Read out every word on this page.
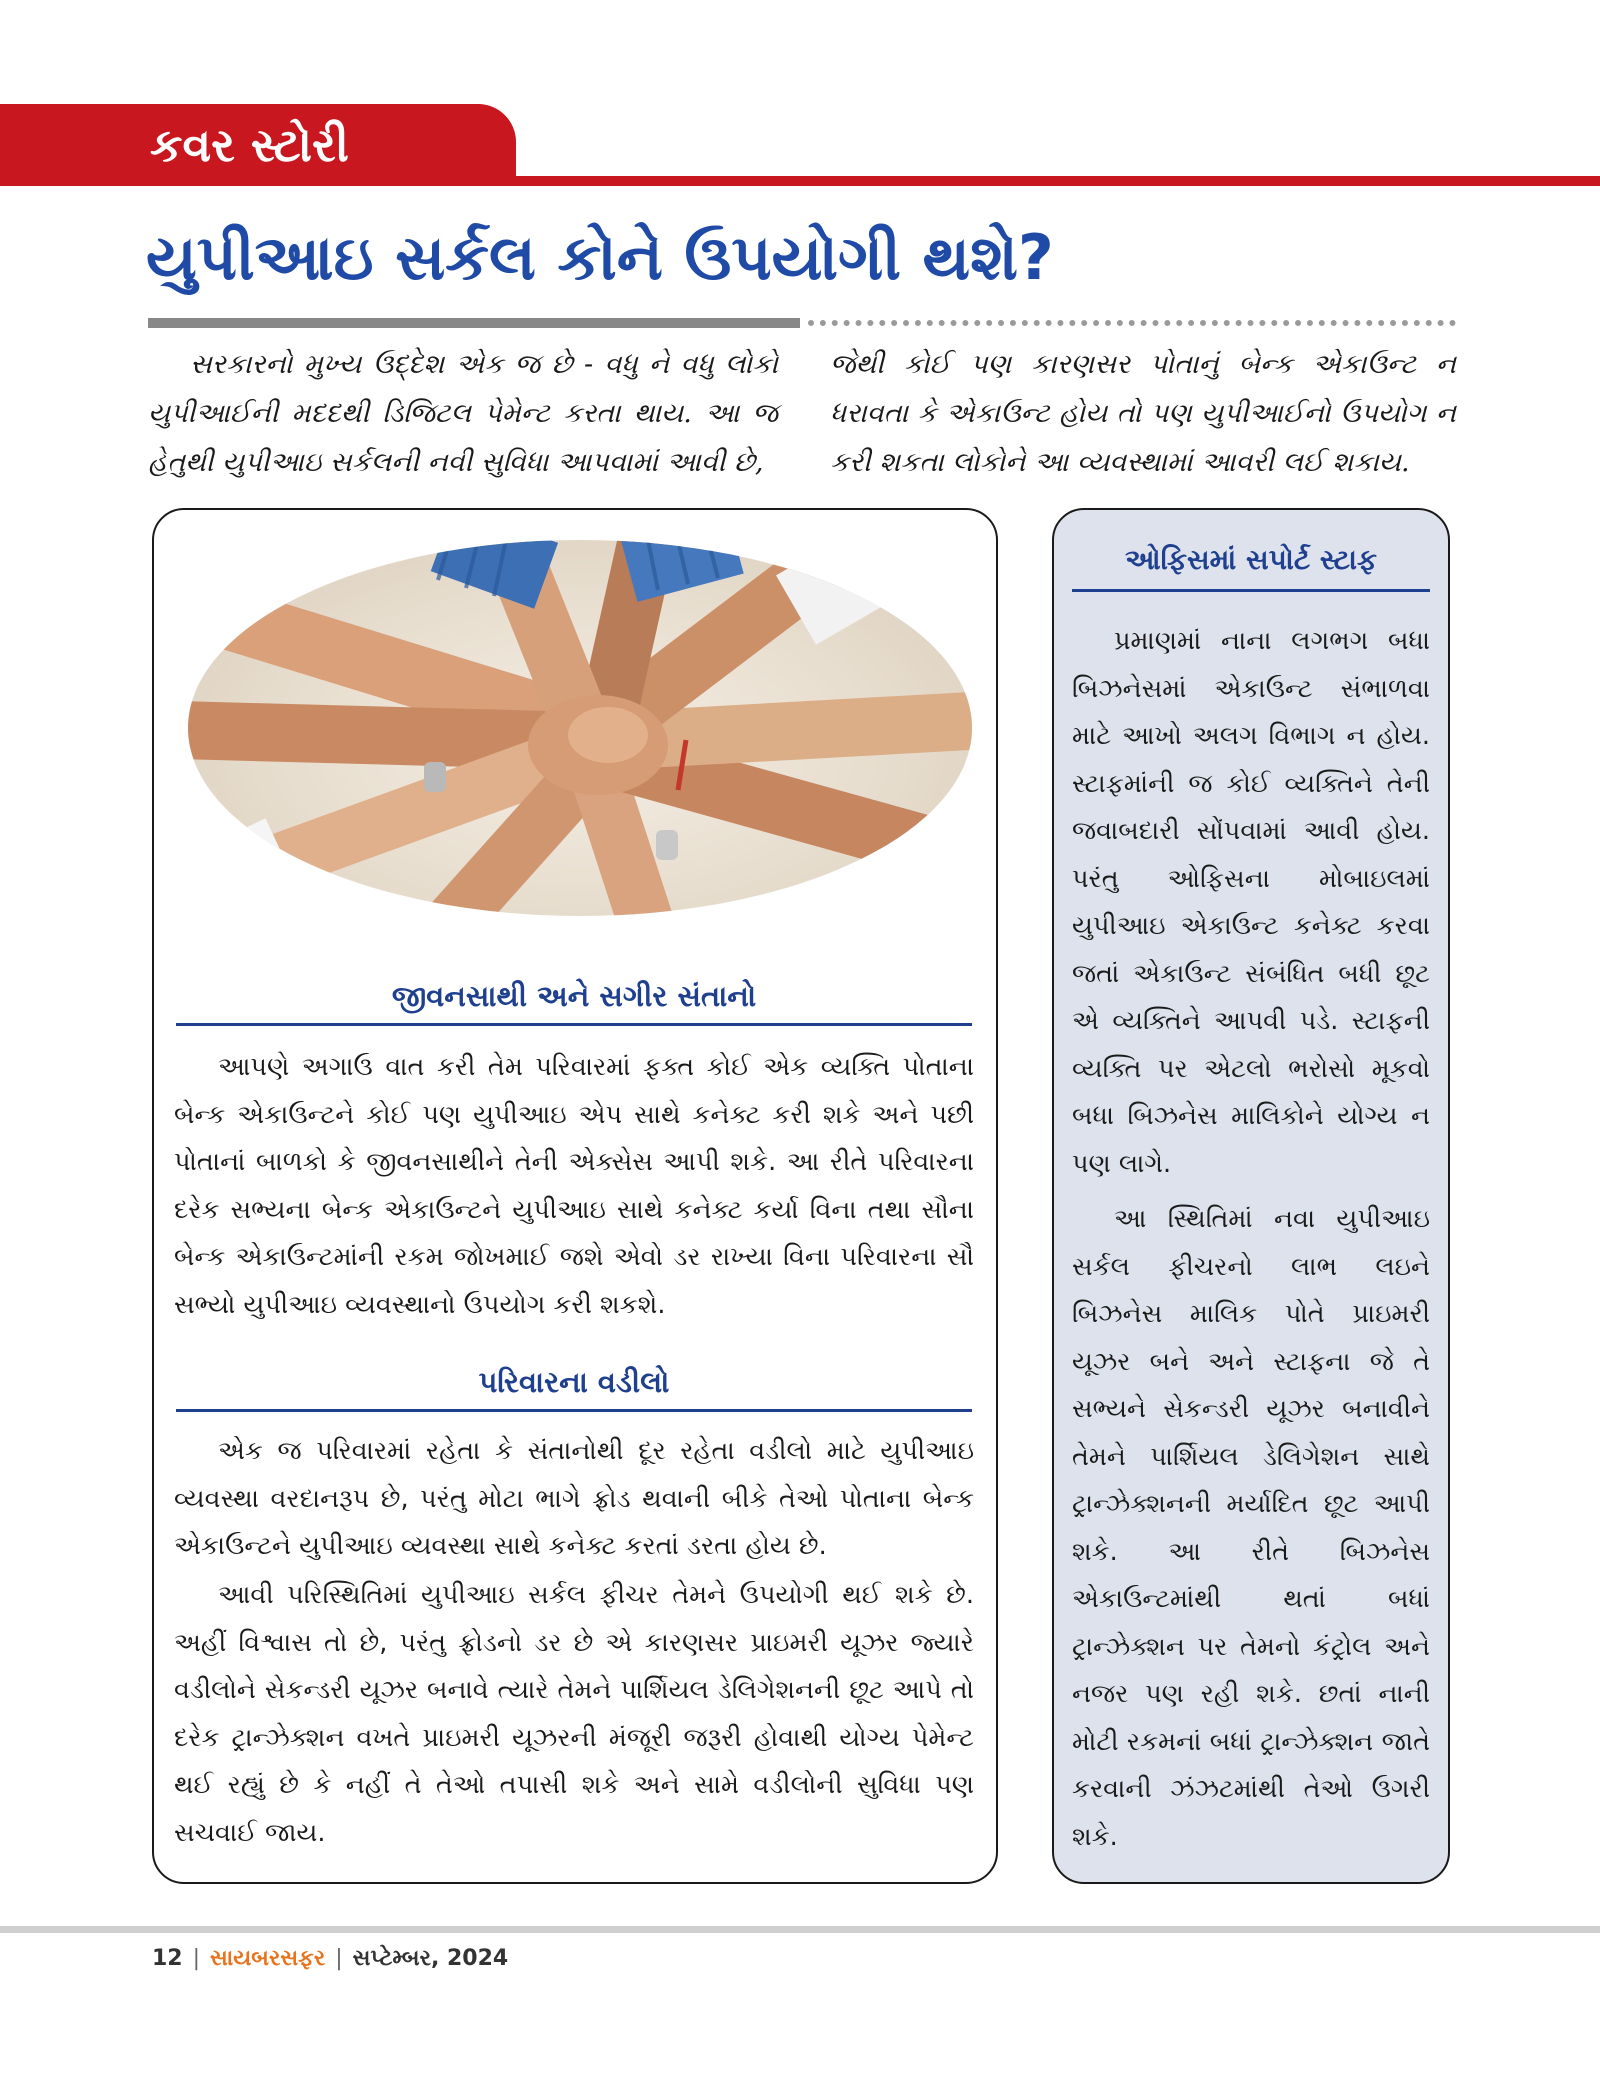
કવર સ્ટોરી
યુપીઆઇ સર્કલ કોને ઉપયોગી થશે?

સરકારનો મુખ્ય ઉદ્દેશ એક જ છે - વધુ ને વધુ લોકો યુપીઆઈની મદદથી ડિજિટલ પેમેન્ટ કરતા થાય. આ જ હેતુથી યુપીઆઇ સર્કલની નવી સુવિધા આપવામાં આવી છે,

જેથી કોઈ પણ કારણસર પોતાનું બેન્ક એકાઉન્ટ ન ધરાવતા કે એકાઉન્ટ હોય તો પણ યુપીઆઈનો ઉપયોગ ન કરી શકતા લોકોને આ વ્યવસ્થામાં આવરી લઈ શકાય.

જીવનસાથી અને સગીર સંતાનો

આપણે અગાઉ વાત કરી તેમ પરિવારમાં ફક્ત કોઈ એક વ્યક્તિ પોતાના બેન્ક એકાઉન્ટને કોઈ પણ યુપીઆઇ એપ સાથે કનેક્ટ કરી શકે અને પછી પોતાનાં બાળકો કે જીવનસાથીને તેની એક્સેસ આપી શકે. આ રીતે પરિવારના દરેક સભ્યના બેન્ક એકાઉન્ટને યુપીઆઇ સાથે કનેક્ટ કર્યા વિના તથા સૌના બેન્ક એકાઉન્ટમાંની રકમ જોખમાઈ જશે એવો ડર રાખ્યા વિના પરિવારના સૌ સભ્યો યુપીઆઇ વ્યવસ્થાનો ઉપયોગ કરી શકશે.

પરિવારના વડીલો

એક જ પરિવારમાં રહેતા કે સંતાનોથી દૂર રહેતા વડીલો માટે યુપીઆઇ વ્યવસ્થા વરદાનરૂપ છે, પરંતુ મોટા ભાગે ફ્રોડ થવાની બીકે તેઓ પોતાના બેન્ક એકાઉન્ટને યુપીઆઇ વ્યવસ્થા સાથે કનેક્ટ કરતાં ડરતા હોય છે.

આવી પરિસ્થિતિમાં યુપીઆઇ સર્કલ ફીચર તેમને ઉપયોગી થઈ શકે છે. અહીં વિશ્વાસ તો છે, પરંતુ ફ્રોડનો ડર છે એ કારણસર પ્રાઇમરી યૂઝર જ્યારે વડીલોને સેકન્ડરી યૂઝર બનાવે ત્યારે તેમને પાર્શિયલ ડેલિગેશનની છૂટ આપે તો દરેક ટ્રાન્ઝેક્શન વખતે પ્રાઇમરી યૂઝરની મંજૂરી જરૂરી હોવાથી યોગ્ય પેમેન્ટ થઈ રહ્યું છે કે નહીં તે તેઓ તપાસી શકે અને સામે વડીલોની સુવિધા પણ સચવાઈ જાય.

ઓફિસમાં સપોર્ટ સ્ટાફ

પ્રમાણમાં નાના લગભગ બધા બિઝનેસમાં એકાઉન્ટ સંભાળવા માટે આખો અલગ વિભાગ ન હોય. સ્ટાફમાંની જ કોઈ વ્યક્તિને તેની જવાબદારી સોંપવામાં આવી હોય. પરંતુ ઓફિસના મોબાઇલમાં યુપીઆઇ એકાઉન્ટ કનેક્ટ કરવા જતાં એકાઉન્ટ સંબંધિત બધી છૂટ એ વ્યક્તિને આપવી પડે. સ્ટાફની વ્યક્તિ પર એટલો ભરોસો મૂકવો બધા બિઝનેસ માલિકોને યોગ્ય ન પણ લાગે.

આ સ્થિતિમાં નવા યુપીઆઇ સર્કલ ફીચરનો લાભ લઇને બિઝનેસ માલિક પોતે પ્રાઇમરી યૂઝર બને અને સ્ટાફના જે તે સભ્યને સેકન્ડરી યૂઝર બનાવીને તેમને પાર્શિયલ ડેલિગેશન સાથે ટ્રાન્ઝેક્શનની મર્યાદિત છૂટ આપી શકે. આ રીતે બિઝનેસ એકાઉન્ટમાંથી થતાં બધાં ટ્રાન્ઝેક્શન પર તેમનો કંટ્રોલ અને નજર પણ રહી શકે. છતાં નાની મોટી રકમનાં બધાં ટ્રાન્ઝેક્શન જાતે કરવાની ઝંઝટમાંથી તેઓ ઉગરી શકે.

12 | સાયબરસફર | સપ્ટેમ્બર, 2024
